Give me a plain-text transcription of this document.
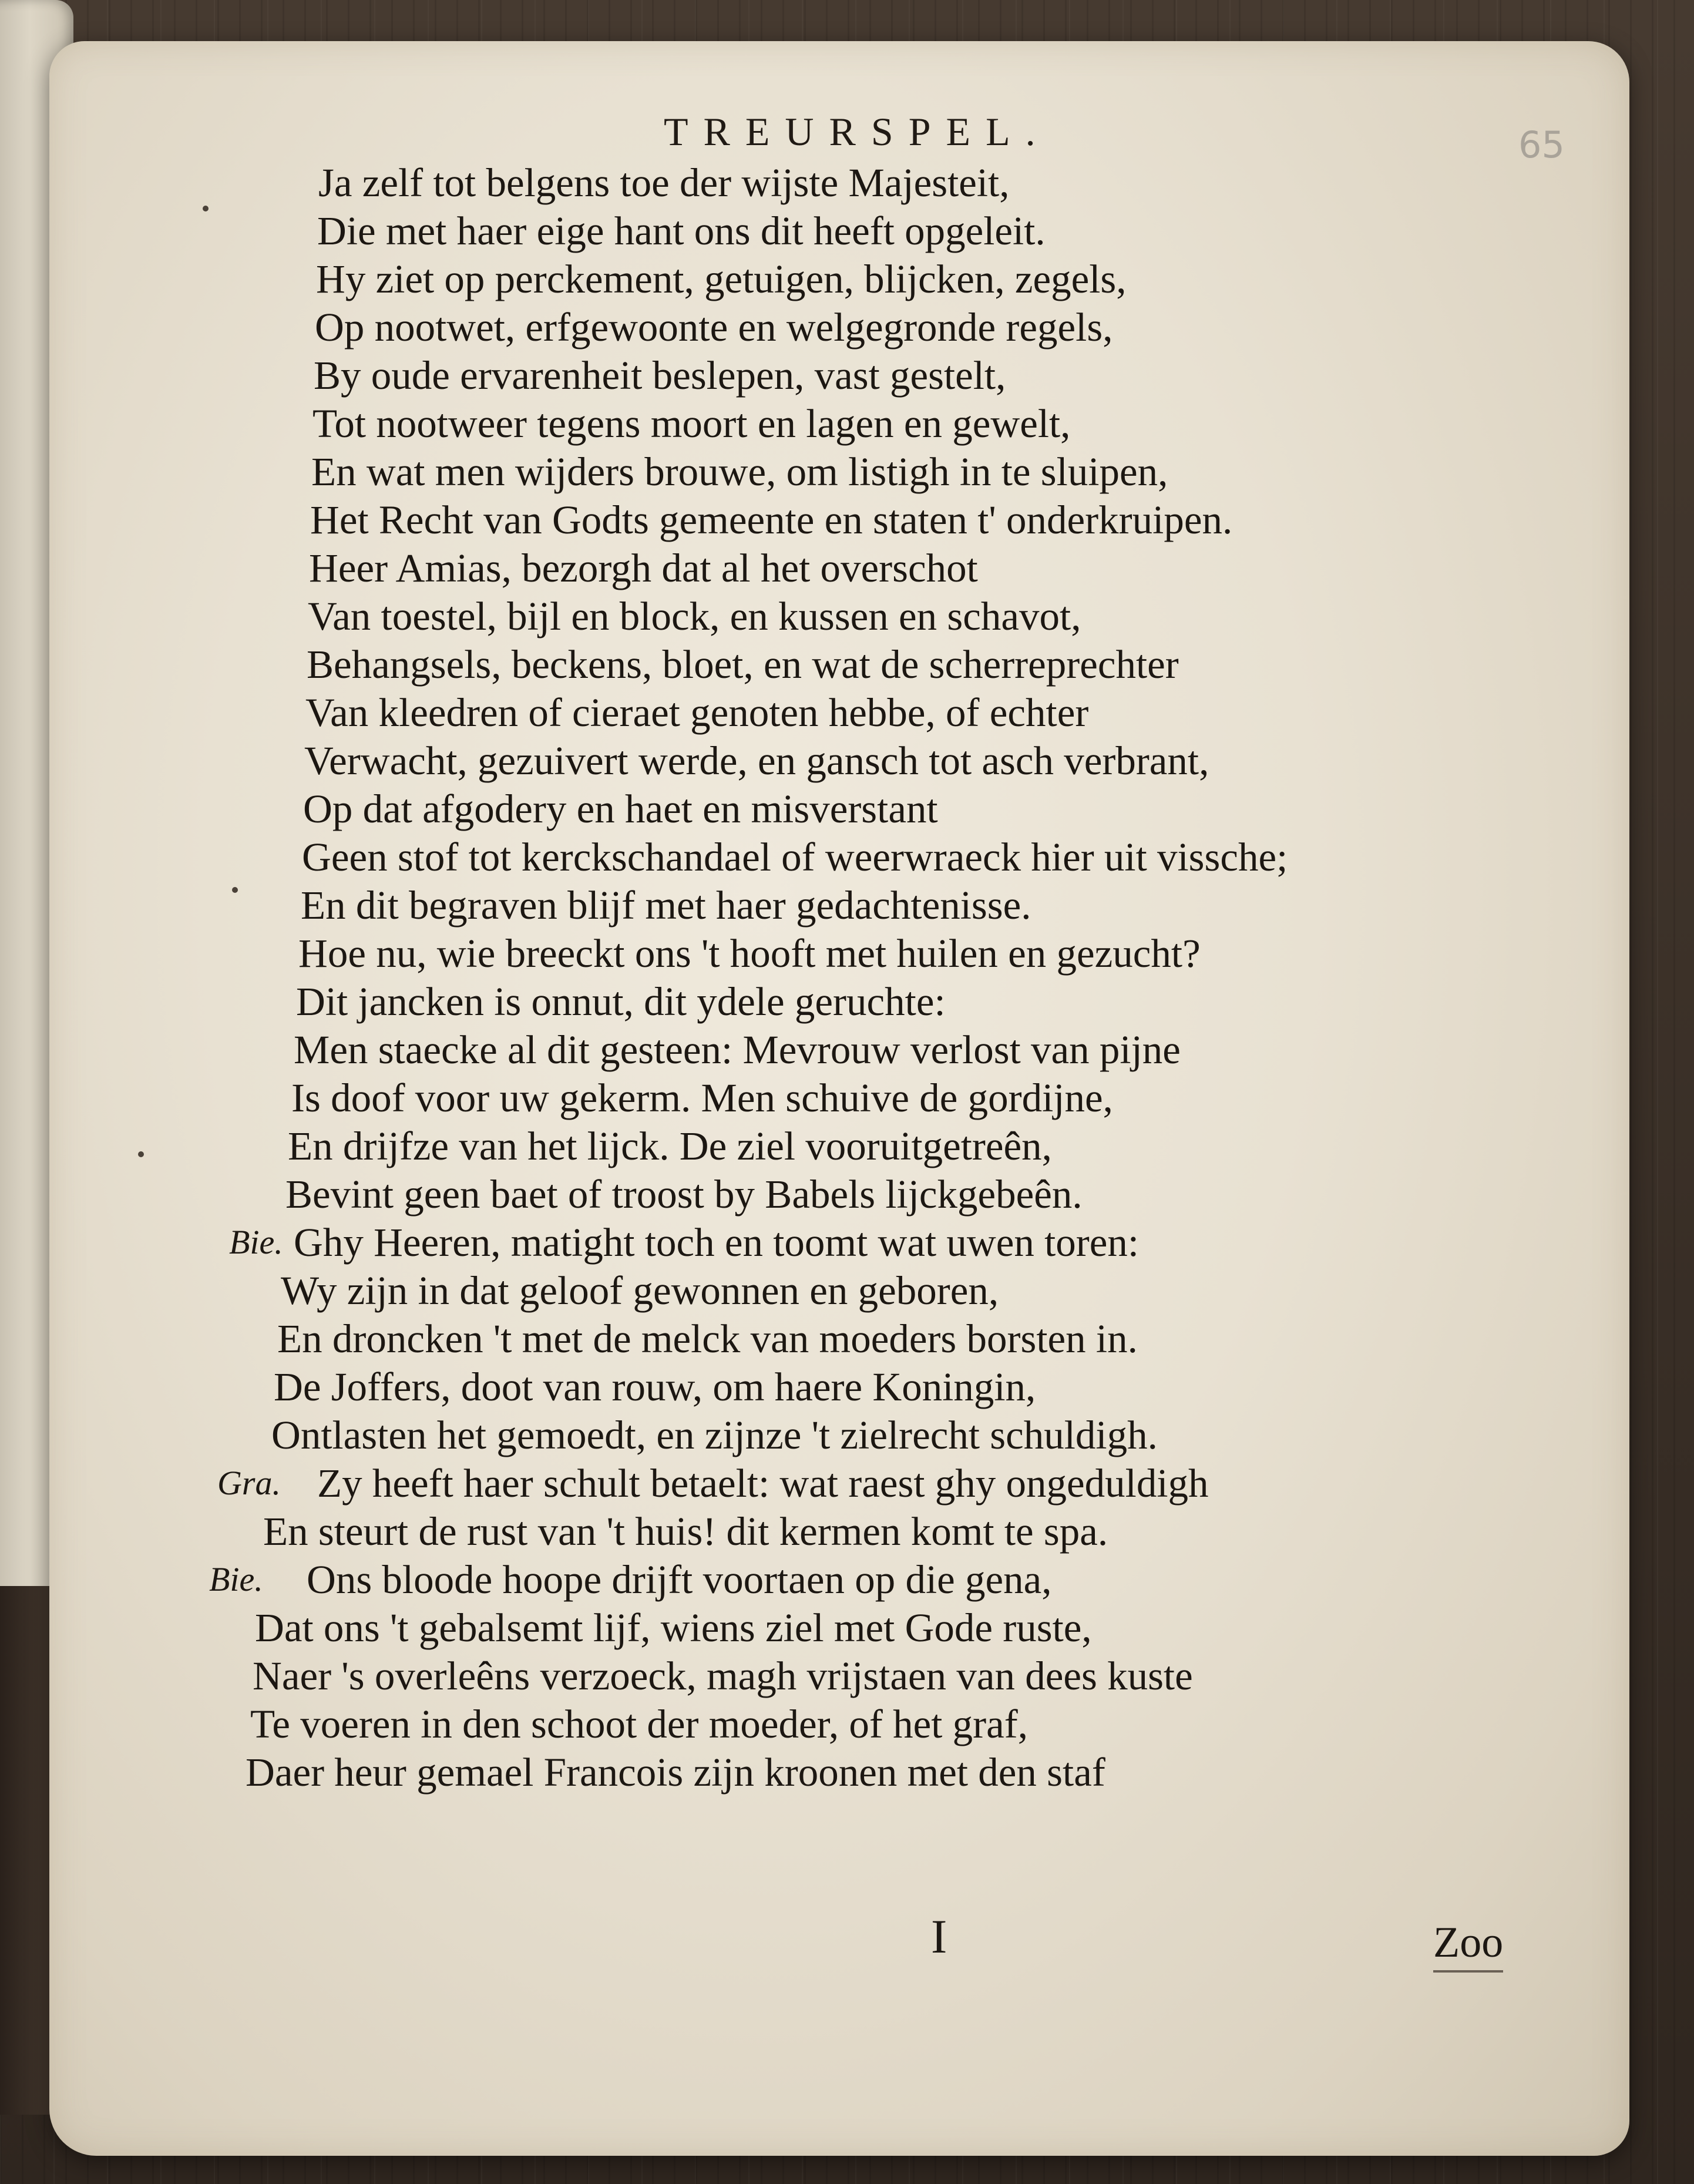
65
TREURSPEL.
Ja zelf tot belgens toe der wijste Majesteit,
Die met haer eige hant ons dit heeft opgeleit.
Hy ziet op perckement, getuigen, blijcken, zegels,
Op nootwet, erfgewoonte en welgegronde regels,
By oude ervarenheit beslepen, vast gestelt,
Tot nootweer tegens moort en lagen en gewelt,
En wat men wijders brouwe, om listigh in te sluipen,
Het Recht van Godts gemeente en staten t' onderkruipen.
Heer Amias, bezorgh dat al het overschot
Van toestel, bijl en block, en kussen en schavot,
Behangsels, beckens, bloet, en wat de scherreprechter
Van kleedren of cieraet genoten hebbe, of echter
Verwacht, gezuivert werde, en gansch tot asch verbrant,
Op dat afgodery en haet en misverstant
Geen stof tot kerckschandael of weerwraeck hier uit vissche;
En dit begraven blijf met haer gedachtenisse.
Hoe nu, wie breeckt ons 't hooft met huilen en gezucht?
Dit jancken is onnut, dit ydele geruchte:
Men staecke al dit gesteen: Mevrouw verlost van pijne
Is doof voor uw gekerm. Men schuive de gordijne,
En drijfze van het lijck. De ziel vooruitgetreên,
Bevint geen baet of troost by Babels lijckgebeên.
Bie. Ghy Heeren, matight toch en toomt wat uwen toren:
Wy zijn in dat geloof gewonnen en geboren,
En droncken 't met de melck van moeders borsten in.
De Joffers, doot van rouw, om haere Koningin,
Ontlasten het gemoedt, en zijnze 't zielrecht schuldigh.
Gra. Zy heeft haer schult betaelt: wat raest ghy ongeduldigh
En steurt de rust van 't huis! dit kermen komt te spa.
Bie. Ons bloode hoope drijft voortaen op die gena,
Dat ons 't gebalsemt lijf, wiens ziel met Gode ruste,
Naer 's overleêns verzoeck, magh vrijstaen van dees kuste
Te voeren in den schoot der moeder, of het graf,
Daer heur gemael Francois zijn kroonen met den staf
I	Zoo
